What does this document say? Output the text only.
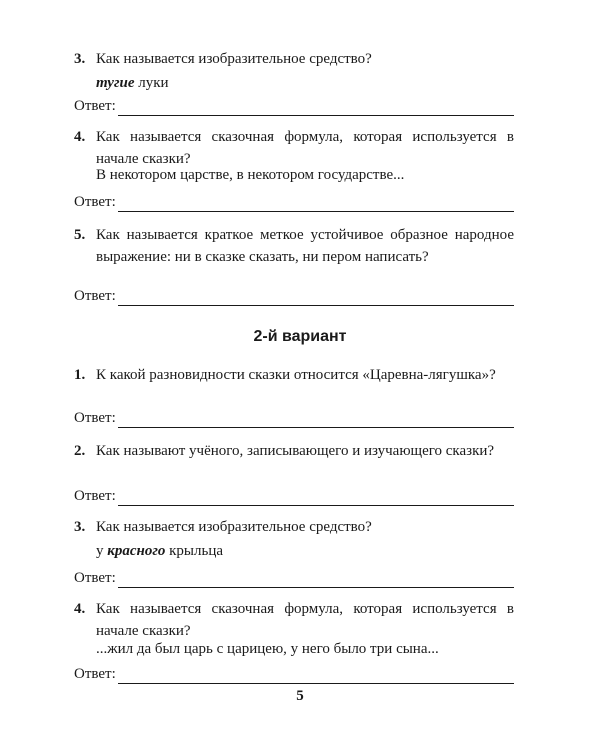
3. Как называется изобразительное средство?
тугие луки
Ответ:
4. Как называется сказочная формула, которая используется в начале сказки?
В некотором царстве, в некотором государстве...
Ответ:
5. Как называется краткое меткое устойчивое образное народное выражение: ни в сказке сказать, ни пером написать?
Ответ:
2-й вариант
1. К какой разновидности сказки относится «Царевна-лягушка»?
Ответ:
2. Как называют учёного, записывающего и изучающего сказки?
Ответ:
3. Как называется изобразительное средство?
у красного крыльца
Ответ:
4. Как называется сказочная формула, которая используется в начале сказки?
...жил да был царь с царицею, у него было три сына...
Ответ:
5
